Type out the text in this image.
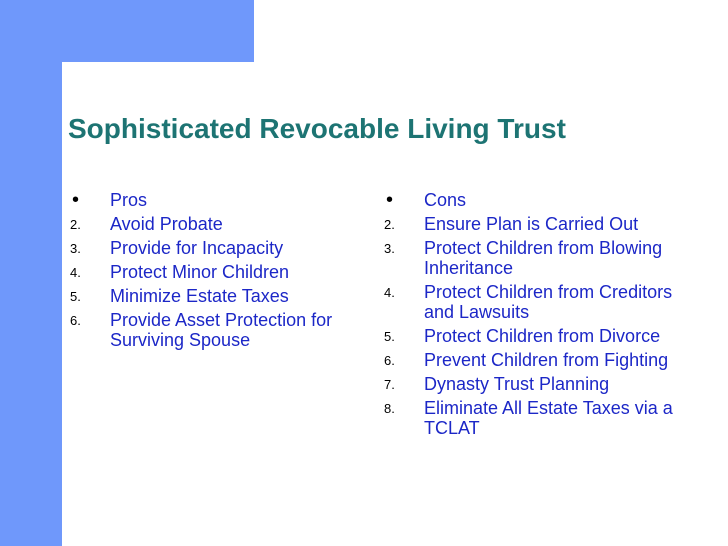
Sophisticated Revocable Living Trust
•	Pros
2.	Avoid Probate
3.	Provide for Incapacity
4.	Protect Minor Children
5.	Minimize Estate Taxes
6.	Provide Asset Protection for Surviving Spouse
•	Cons
2.	Ensure Plan is Carried Out
3.	Protect Children from Blowing Inheritance
4.	Protect Children from Creditors and Lawsuits
5.	Protect Children from Divorce
6.	Prevent Children from Fighting
7.	Dynasty Trust Planning
8.	Eliminate All Estate Taxes via a TCLAT
